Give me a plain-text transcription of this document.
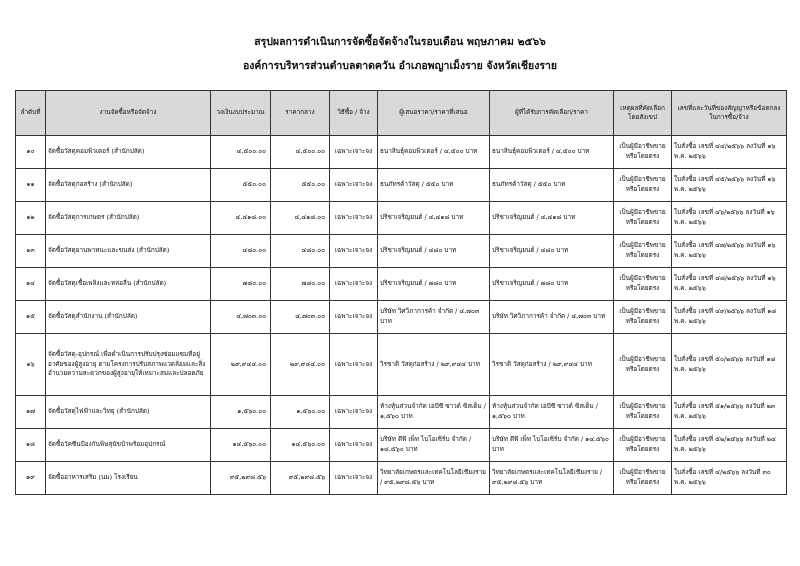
สรุปผลการดำเนินการจัดซื้อจัดจ้างในรอบเดือน พฤษภาคม ๒๕๖๖
องค์การบริหารส่วนตำบลตาดควัน อำเภอพญาเม็งราย จังหวัดเชียงราย
ลำดับที่	งานจัดซื้อหรือจัดจ้าง	วงเงินงบประมาณ	ราคากลาง	วิธีซื้อ / จ้าง	ผู้เสนอราคา/ราคาที่เสนอ	ผู้ที่ได้รับการคัดเลือก/ราคา	เหตุผลที่คัดเลือกโดยสังเขป	เลขที่และวันที่ของสัญญาหรือข้อตกลงในการซื้อ/จ้าง
๑๐	จัดซื้อวัสดุคอมพิวเตอร์ (สำนักปลัด)	๔,๕๐๐.๐๐	๔,๕๐๐.๐๐	เฉพาะเจาะจง	ธนาสินธุ์คอมพิวเตอร์ / ๔,๕๐๐ บาท	ธนาสินธุ์คอมพิวเตอร์ / ๔,๕๐๐ บาท	เป็นผู้มีอาชีพขายหรือโดยตรง	ใบสั่งซื้อ เลขที่ ๔๔/๒๕๖๖ ลงวันที่ ๑๖ พ.ค. ๒๕๖๖
๑๑	จัดซื้อวัสดุก่อสร้าง (สำนักปลัด)	๕๕๐.๐๐	๕๕๐.๐๐	เฉพาะเจาะจง	ธนภัทรค้าวัสดุ / ๕๕๐ บาท	ธนภัทรค้าวัสดุ / ๕๕๐ บาท	เป็นผู้มีอาชีพขายหรือโดยตรง	ใบสั่งซื้อ เลขที่ ๔๕/๒๕๖๖ ลงวันที่ ๑๖ พ.ค. ๒๕๖๖
๑๒	จัดซื้อวัสดุการเกษตร (สำนักปลัด)	๔,๔๑๘.๐๐	๔,๔๑๘.๐๐	เฉพาะเจาะจง	ปริชาเจริญยนต์ / ๔,๔๑๘ บาท	ปริชาเจริญยนต์ / ๔,๔๑๘ บาท	เป็นผู้มีอาชีพขายหรือโดยตรง	ใบสั่งซื้อ เลขที่ ๔๖/๒๕๖๖ ลงวันที่ ๑๖ พ.ค. ๒๕๖๖
๑๓	จัดซื้อวัสดุยานพาหนะและขนส่ง (สำนักปลัด)	๔๘๐.๐๐	๔๘๐.๐๐	เฉพาะเจาะจง	ปริชาเจริญยนต์ / ๔๘๐ บาท	ปริชาเจริญยนต์ / ๔๘๐ บาท	เป็นผู้มีอาชีพขายหรือโดยตรง	ใบสั่งซื้อ เลขที่ ๔๗/๒๕๖๖ ลงวันที่ ๑๖ พ.ค. ๒๕๖๖
๑๔	จัดซื้อวัสดุเชื้อเพลิงและหล่อลื่น (สำนักปลัด)	๗๘๐.๐๐	๗๘๐.๐๐	เฉพาะเจาะจง	ปริชาเจริญยนต์ / ๗๘๐ บาท	ปริชาเจริญยนต์ / ๗๘๐ บาท	เป็นผู้มีอาชีพขายหรือโดยตรง	ใบสั่งซื้อ เลขที่ ๔๘/๒๕๖๖ ลงวันที่ ๑๖ พ.ค. ๒๕๖๖
๑๕	จัดซื้อวัสดุสำนักงาน (สำนักปลัด)	๔,๗๐๓.๐๐	๔,๗๐๓.๐๐	เฉพาะเจาะจง	บริษัท วิศวิภาการค้า จำกัด / ๔,๗๐๓ บาท	บริษัท วิศวิภาการค้า จำกัด / ๔,๗๐๓ บาท	เป็นผู้มีอาชีพขายหรือโดยตรง	ใบสั่งซื้อ เลขที่ ๔๙/๒๕๖๖ ลงวันที่ ๑๘ พ.ค. ๒๕๖๖
๑๖	จัดซื้อวัสดุ-อุปกรณ์ เพื่อดำเนินการปรับปรุงซ่อมแซมที่อยู่อาศัยของผู้สูงอายุ ตามโครงการปรับสภาพแวดล้อมและสิ่งอำนวยความสะดวกของผู้สูงอายุให้เหมาะสมและปลอดภัย	๒๙,๙๔๔.๐๐	๒๙,๙๔๔.๐๐	เฉพาะเจาะจง	วิรชาติ วัสดุก่อสร้าง / ๒๙,๙๔๔ บาท	วิรชาติ วัสดุก่อสร้าง / ๒๙,๙๔๔ บาท	เป็นผู้มีอาชีพขายหรือโดยตรง	ใบสั่งซื้อ เลขที่ ๕๐/๒๕๖๖ ลงวันที่ ๑๘ พ.ค. ๒๕๖๖
๑๗	จัดซื้อวัสดุไฟฟ้าและวิทยุ (สำนักปลัด)	๑,๕๖๐.๐๐	๑,๕๖๐.๐๐	เฉพาะเจาะจง	ห้างหุ้นส่วนจำกัด เอบีซี ซาวด์ ซิสเต็ม / ๑,๕๖๐ บาท	ห้างหุ้นส่วนจำกัด เอบีซี ซาวด์ ซิสเต็ม / ๑,๕๖๐ บาท	เป็นผู้มีอาชีพขายหรือโดยตรง	ใบสั่งซื้อ เลขที่ ๕๑/๒๕๖๖ ลงวันที่ ๒๓ พ.ค. ๒๕๖๖
๑๘	จัดซื้อวัคซีนป้องกันพิษสุนัขบ้าพร้อมอุปกรณ์	๑๔,๕๖๐.๐๐	๑๔,๕๖๐.๐๐	เฉพาะเจาะจง	บริษัท ดีพี เพ็ท ไบโอเซิร์บ จำกัด / ๑๔,๕๖๐ บาท	บริษัท ดีพี เพ็ท ไบโอเซิร์บ จำกัด / ๑๔,๕๖๐ บาท	เป็นผู้มีอาชีพขายหรือโดยตรง	ใบสั่งซื้อ เลขที่ ๕๒/๒๕๖๖ ลงวันที่ ๒๔ พ.ค. ๒๕๖๖
๑๙	จัดซื้ออาหารเสริม (นม) โรงเรียน	๙๕,๒๙๘.๕๖	๙๕,๒๙๘.๕๖	เฉพาะเจาะจง	วิทยาลัยเกษตรและเทคโนโลยีเชียงราย / ๙๕,๒๙๘.๕๖ บาท	วิทยาลัยเกษตรและเทคโนโลยีเชียงราย / ๙๕,๒๙๘.๕๖ บาท	เป็นผู้มีอาชีพขายหรือโดยตรง	ใบสั่งซื้อ เลขที่ ๔/๒๕๖๖ ลงวันที่ ๓๐ พ.ค. ๒๕๖๖
